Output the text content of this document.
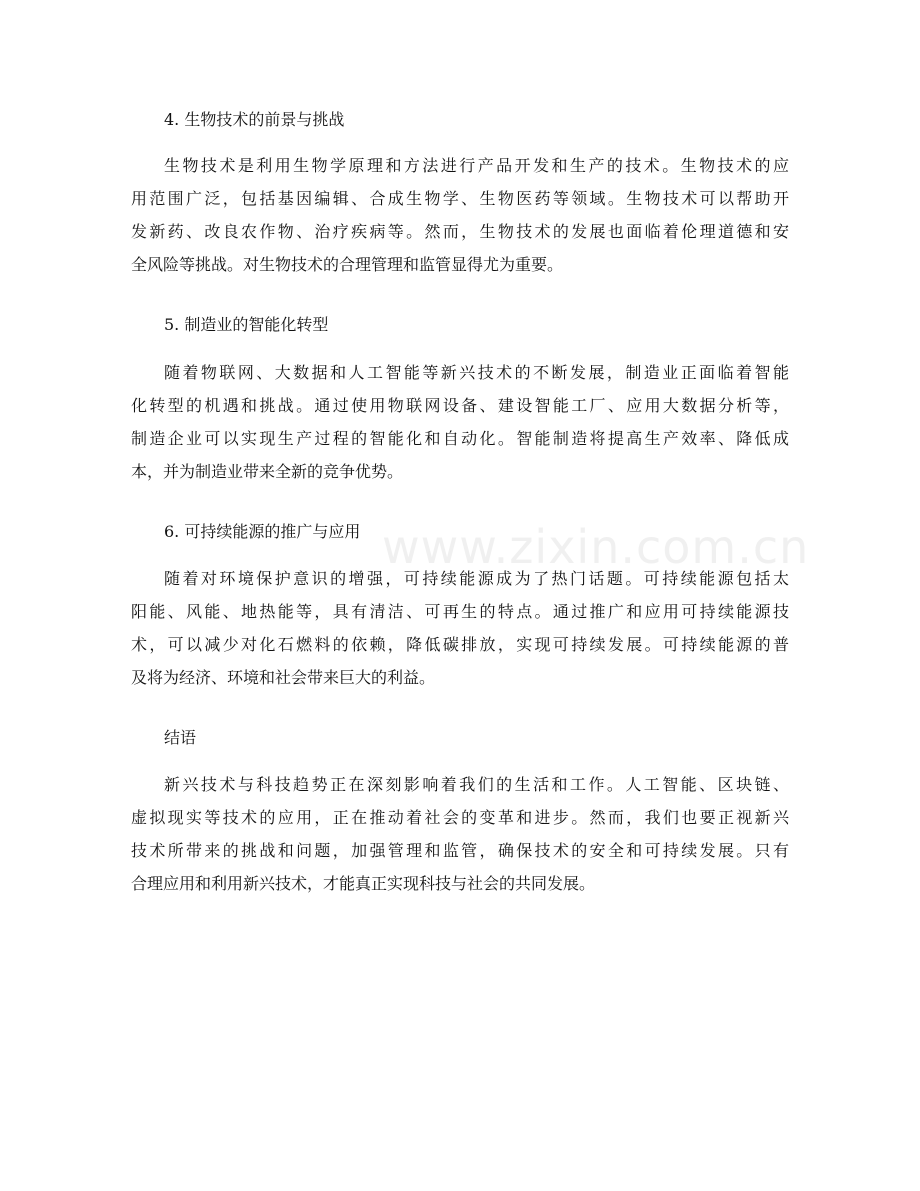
www.zixin.com.cn
4. 生物技术的前景与挑战
生物技术是利用生物学原理和方法进行产品开发和生产的技术。生物技术的应
用范围广泛，包括基因编辑、合成生物学、生物医药等领域。生物技术可以帮助开
发新药、改良农作物、治疗疾病等。然而，生物技术的发展也面临着伦理道德和安
全风险等挑战。对生物技术的合理管理和监管显得尤为重要。
5. 制造业的智能化转型
随着物联网、大数据和人工智能等新兴技术的不断发展，制造业正面临着智能
化转型的机遇和挑战。通过使用物联网设备、建设智能工厂、应用大数据分析等，
制造企业可以实现生产过程的智能化和自动化。智能制造将提高生产效率、降低成
本，并为制造业带来全新的竞争优势。
6. 可持续能源的推广与应用
随着对环境保护意识的增强，可持续能源成为了热门话题。可持续能源包括太
阳能、风能、地热能等，具有清洁、可再生的特点。通过推广和应用可持续能源技
术，可以减少对化石燃料的依赖，降低碳排放，实现可持续发展。可持续能源的普
及将为经济、环境和社会带来巨大的利益。
结语
新兴技术与科技趋势正在深刻影响着我们的生活和工作。人工智能、区块链、
虚拟现实等技术的应用，正在推动着社会的变革和进步。然而，我们也要正视新兴
技术所带来的挑战和问题，加强管理和监管，确保技术的安全和可持续发展。只有
合理应用和利用新兴技术，才能真正实现科技与社会的共同发展。
